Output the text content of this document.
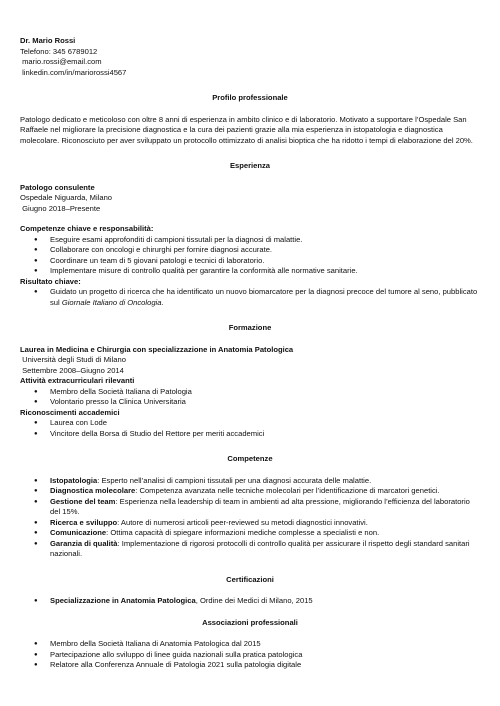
Dr. Mario Rossi

Telefono: 345 6789012

mario.rossi@email.com

linkedin.com/in/mariorossi4567

Profilo professionale

Patologo dedicato e meticoloso con oltre 8 anni di esperienza in ambito clinico e di laboratorio. Motivato a supportare l’Ospedale San Raffaele nel migliorare la precisione diagnostica e la cura dei pazienti grazie alla mia esperienza in istopatologia e diagnostica molecolare. Riconosciuto per aver sviluppato un protocollo ottimizzato di analisi bioptica che ha ridotto i tempi di elaborazione del 20%.

Esperienza

Patologo consulente

Ospedale Niguarda, Milano

Giugno 2018–Presente

Competenze chiave e responsabilità:

● Eseguire esami approfonditi di campioni tissutali per la diagnosi di malattie.
● Collaborare con oncologi e chirurghi per fornire diagnosi accurate.
● Coordinare un team di 5 giovani patologi e tecnici di laboratorio.
● Implementare misure di controllo qualità per garantire la conformità alle normative sanitarie.

Risultato chiave:

● Guidato un progetto di ricerca che ha identificato un nuovo biomarcatore per la diagnosi precoce del tumore al seno, pubblicato sul Giornale Italiano di Oncologia.

Formazione

Laurea in Medicina e Chirurgia con specializzazione in Anatomia Patologica

Università degli Studi di Milano

Settembre 2008–Giugno 2014

Attività extracurriculari rilevanti

● Membro della Società Italiana di Patologia
● Volontario presso la Clinica Universitaria

Riconoscimenti accademici

● Laurea con Lode
● Vincitore della Borsa di Studio del Rettore per meriti accademici

Competenze

● Istopatologia: Esperto nell’analisi di campioni tissutali per una diagnosi accurata delle malattie.
● Diagnostica molecolare: Competenza avanzata nelle tecniche molecolari per l’identificazione di marcatori genetici.
● Gestione del team: Esperienza nella leadership di team in ambienti ad alta pressione, migliorando l’efficienza del laboratorio del 15%.
● Ricerca e sviluppo: Autore di numerosi articoli peer-reviewed su metodi diagnostici innovativi.
● Comunicazione: Ottima capacità di spiegare informazioni mediche complesse a specialisti e non.
● Garanzia di qualità: Implementazione di rigorosi protocolli di controllo qualità per assicurare il rispetto degli standard sanitari nazionali.

Certificazioni

● Specializzazione in Anatomia Patologica, Ordine dei Medici di Milano, 2015

Associazioni professionali

● Membro della Società Italiana di Anatomia Patologica dal 2015
● Partecipazione allo sviluppo di linee guida nazionali sulla pratica patologica
● Relatore alla Conferenza Annuale di Patologia 2021 sulla patologia digitale
